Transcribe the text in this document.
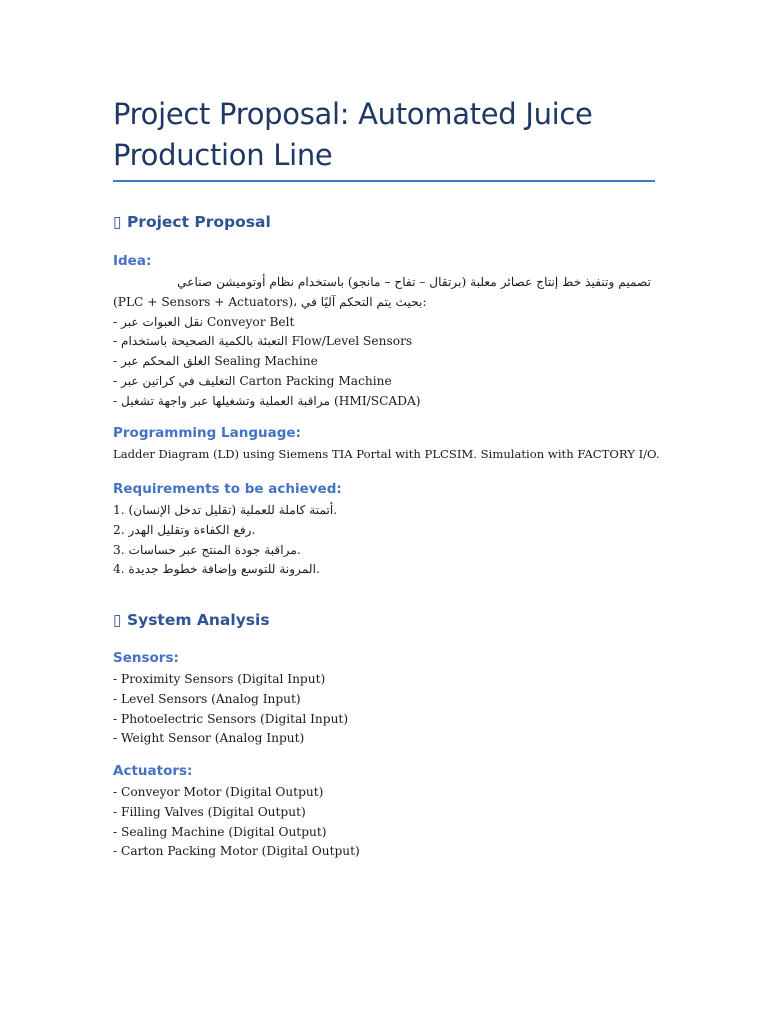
Project Proposal: Automated Juice Production Line
▯ Project Proposal
Idea:
تصميم وتنفيذ خط إنتاج عصائر معلبة (برتقال – تفاح – مانجو) باستخدام نظام أوتوميشن صناعي
(PLC + Sensors + Actuators)، بحيث يتم التحكم آليًا في:
- نقل العبوات عبر Conveyor Belt
- التعبئة بالكمية الصحيحة باستخدام Flow/Level Sensors
- الغلق المحكم عبر Sealing Machine
- التغليف في كراتين عبر Carton Packing Machine
- مراقبة العملية وتشغيلها عبر واجهة تشغيل (HMI/SCADA)
Programming Language:
Ladder Diagram (LD) using Siemens TIA Portal with PLCSIM. Simulation with FACTORY I/O.
Requirements to be achieved:
1. أتمتة كاملة للعملية (تقليل تدخل الإنسان).
2. رفع الكفاءة وتقليل الهدر.
3. مراقبة جودة المنتج عبر حساسات.
4. المرونة للتوسع وإضافة خطوط جديدة.
▯ System Analysis
Sensors:
- Proximity Sensors (Digital Input)
- Level Sensors (Analog Input)
- Photoelectric Sensors (Digital Input)
- Weight Sensor (Analog Input)
Actuators:
- Conveyor Motor (Digital Output)
- Filling Valves (Digital Output)
- Sealing Machine (Digital Output)
- Carton Packing Motor (Digital Output)
